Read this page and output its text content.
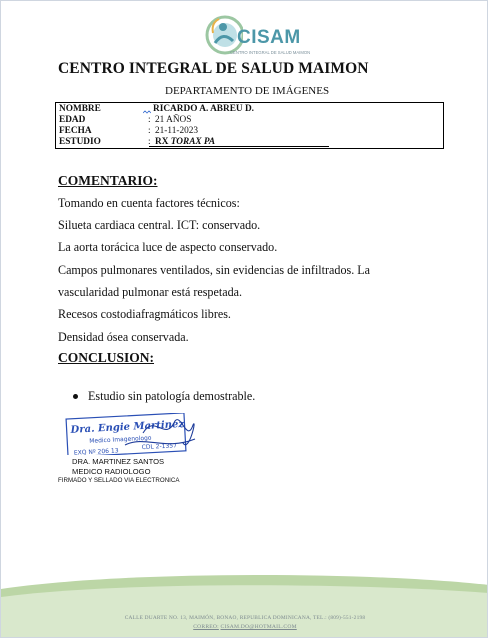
CISAM
CENTRO INTEGRAL DE SALUD MAIMON
CENTRO INTEGRAL DE SALUD MAIMON
DEPARTAMENTO DE IMÁGENES
NOMBRE	RICARDO A. ABREU D.
EDAD	: 21 AÑOS
FECHA	: 21-11-2023
ESTUDIO	: RX TORAX PA
COMENTARIO:
Tomando en cuenta factores técnicos:
Silueta cardiaca central. ICT: conservado.
La aorta torácica luce de aspecto conservado.
Campos pulmonares ventilados, sin evidencias de infiltrados. La
vascularidad pulmonar está respetada.
Recesos costodiafragmáticos libres.
Densidad ósea conservada.
CONCLUSION:
Estudio sin patología demostrable.
Dra. Engie Martinez
Medico Imagenologo
EXQ Nº 206 13
CDL 2-1357
DRA. MARTINEZ SANTOS
MEDICO RADIOLOGO
FIRMADO Y SELLADO VIA ELECTRONICA
CALLE DUARTE NO. 13, MAIMÓN, BONAO, REPUBLICA DOMINICANA, TEL.: (809)-551-2198
CORREO: CISAM.DO@HOTMAIL.COM
